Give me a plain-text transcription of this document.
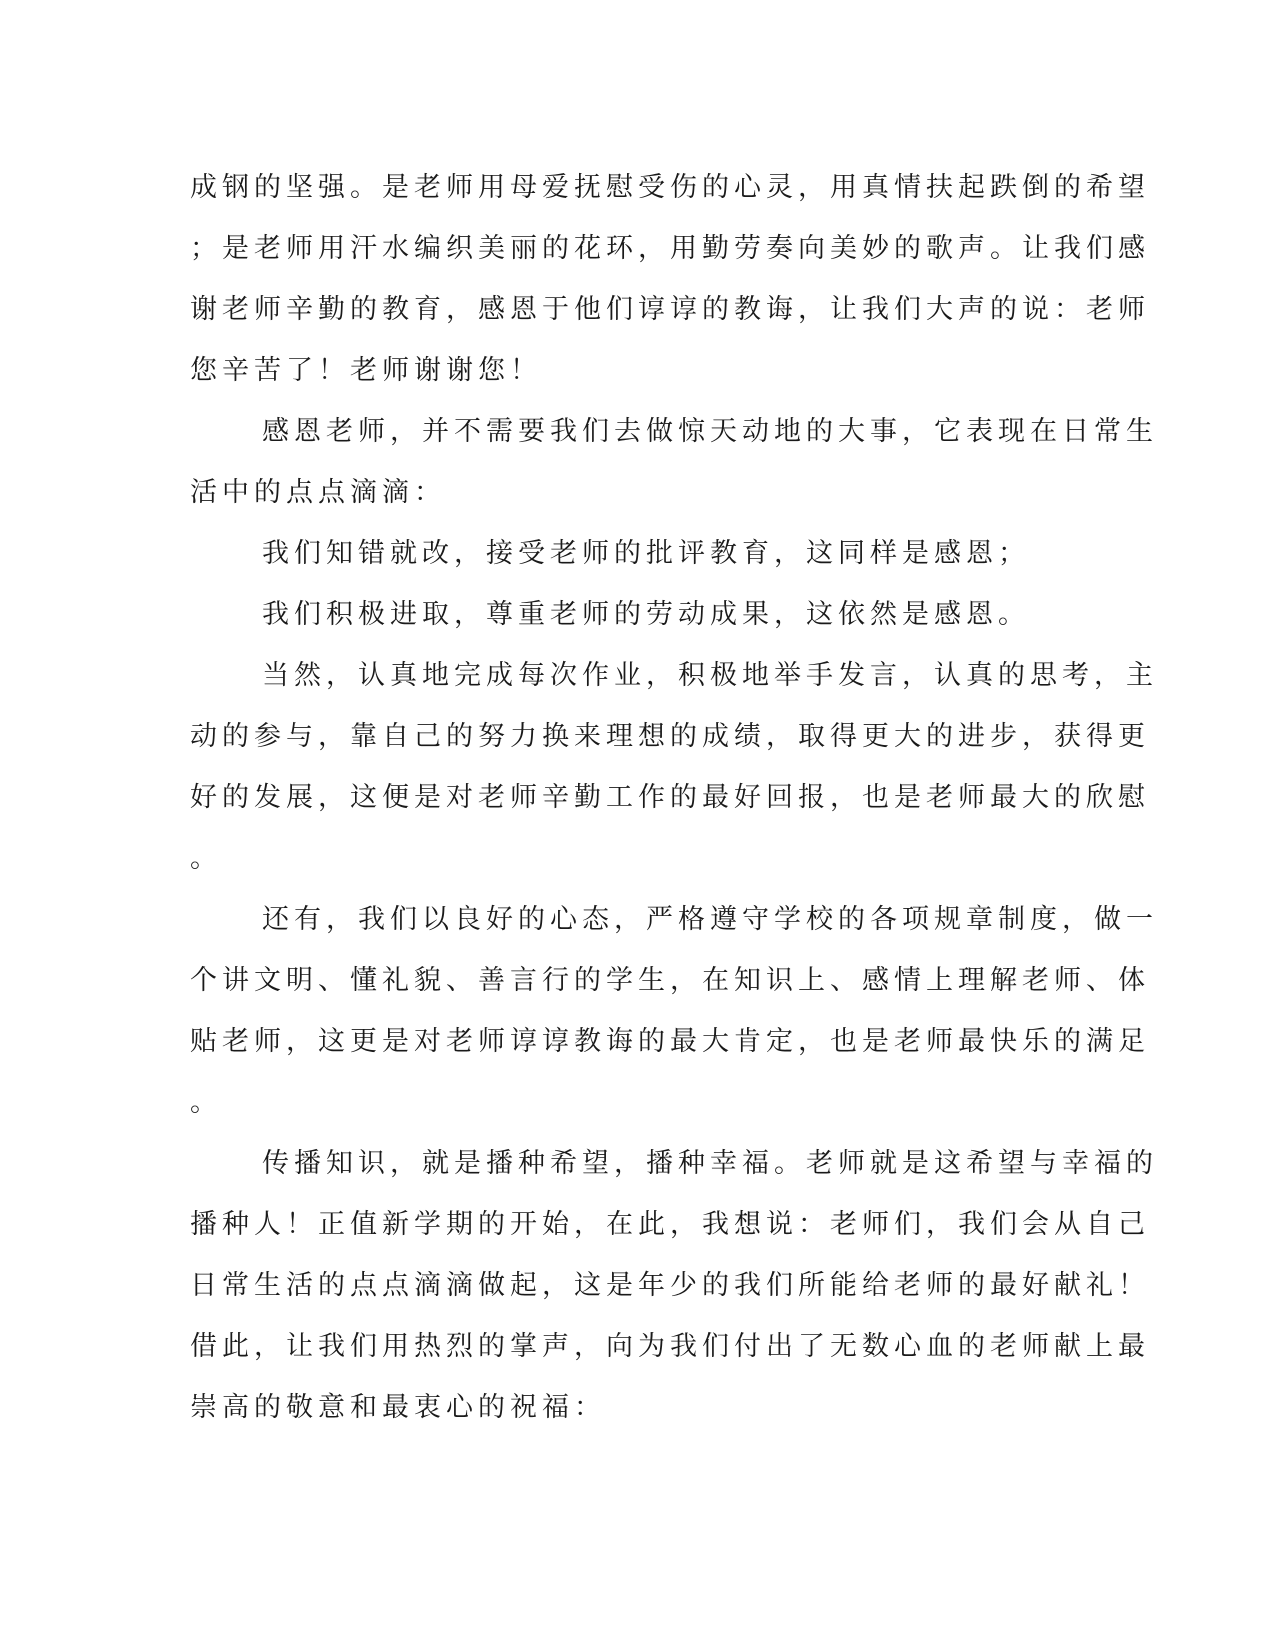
成钢的坚强。是老师用母爱抚慰受伤的心灵，用真情扶起跌倒的希望
；是老师用汗水编织美丽的花环，用勤劳奏向美妙的歌声。让我们感
谢老师辛勤的教育，感恩于他们谆谆的教诲，让我们大声的说：老师
您辛苦了！老师谢谢您！
感恩老师，并不需要我们去做惊天动地的大事，它表现在日常生
活中的点点滴滴：
我们知错就改，接受老师的批评教育，这同样是感恩；
我们积极进取，尊重老师的劳动成果，这依然是感恩。
当然，认真地完成每次作业，积极地举手发言，认真的思考，主
动的参与，靠自己的努力换来理想的成绩，取得更大的进步，获得更
好的发展，这便是对老师辛勤工作的最好回报，也是老师最大的欣慰
。
还有，我们以良好的心态，严格遵守学校的各项规章制度，做一
个讲文明、懂礼貌、善言行的学生，在知识上、感情上理解老师、体
贴老师，这更是对老师谆谆教诲的最大肯定，也是老师最快乐的满足
。
传播知识，就是播种希望，播种幸福。老师就是这希望与幸福的
播种人！正值新学期的开始，在此，我想说：老师们，我们会从自己
日常生活的点点滴滴做起，这是年少的我们所能给老师的最好献礼！
借此，让我们用热烈的掌声，向为我们付出了无数心血的老师献上最
崇高的敬意和最衷心的祝福：
